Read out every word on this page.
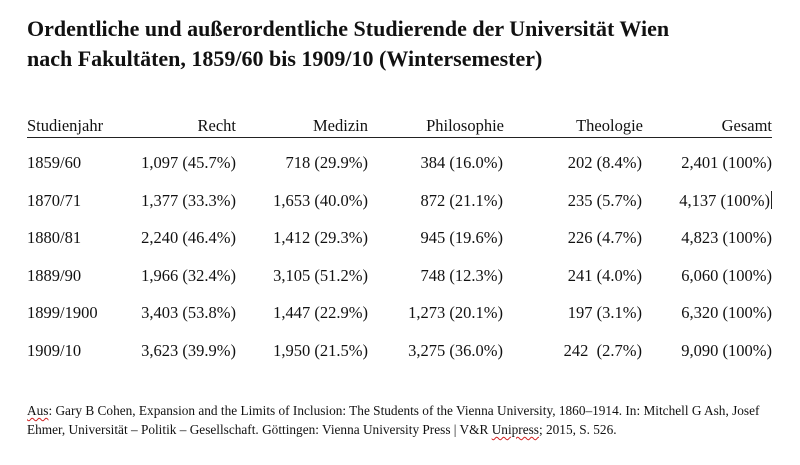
Ordentliche und außerordentliche Studierende der Universität Wien
nach Fakultäten, 1859/60 bis 1909/10 (Wintersemester)
Studienjahr	Recht	Medizin	Philosophie	Theologie	Gesamt
1859/60	1,097 (45.7%)	718 (29.9%)	384 (16.0%)	202 (8.4%) 2,401 (100%)
1870/71	1,377 (33.3%) 1,653 (40.0%)	872 (21.1%)	235 (5.7%) 4,137 (100%)
1880/81	2,240 (46.4%) 1,412 (29.3%)	945 (19.6%)	226 (4.7%) 4,823 (100%)
1889/90	1,966 (32.4%) 3,105 (51.2%)	748 (12.3%)	241 (4.0%) 6,060 (100%)
1899/1900	3,403 (53.8%) 1,447 (22.9%) 1,273 (20.1%)	197 (3.1%) 6,320 (100%)
1909/10	3,623 (39.9%) 1,950 (21.5%) 3,275 (36.0%)	242  (2.7%) 9,090 (100%)

Aus: Gary B Cohen, Expansion and the Limits of Inclusion: The Students of the Vienna University, 1860–1914. In: Mitchell G Ash, Josef Ehmer, Universität – Politik – Gesellschaft. Göttingen: Vienna University Press | V&R Unipress; 2015, S. 526.
